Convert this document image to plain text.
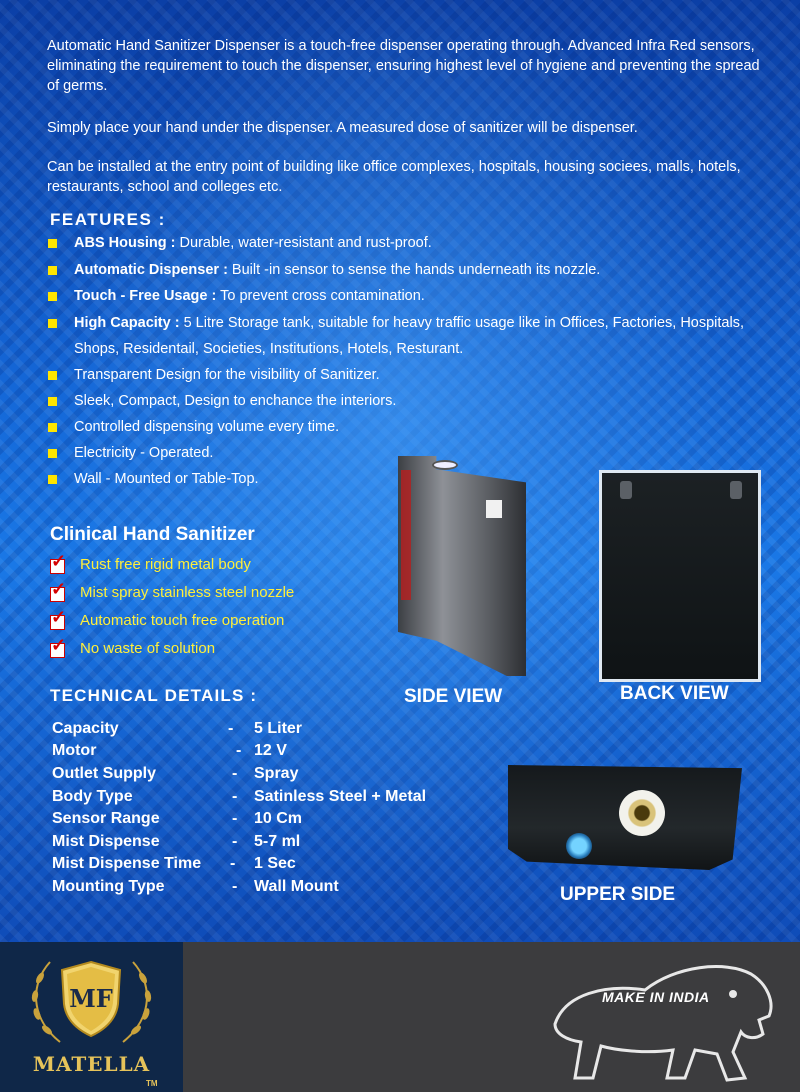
Automatic Hand Sanitizer Dispenser is a touch-free dispenser operating through. Advanced Infra Red sensors, eliminating the requirement to touch the dispenser, ensuring highest level of hygiene and preventing the spread of germs.

Simply place your hand under the dispenser. A measured dose of sanitizer will be dispenser.

Can be installed at the entry point of building like office complexes, hospitals, housing sociees, malls, hotels, restaurants, school and colleges etc.

FEATURES :
ABS Housing : Durable, water-resistant and rust-proof.
Automatic Dispenser : Built -in sensor to sense the hands underneath its nozzle.
Touch - Free Usage : To prevent cross contamination.
High Capacity : 5 Litre Storage tank, suitable for heavy traffic usage like in Offices, Factories, Hospitals, Shops, Residentail, Societies, Institutions, Hotels, Resturant.
Transparent Design for the visibility of Sanitizer.
Sleek, Compact, Design to enchance the interiors.
Controlled dispensing volume every time.
Electricity - Operated.
Wall - Mounted or Table-Top.
Clinical Hand Sanitizer
✓ Rust free rigid metal body
✓ Mist spray stainless steel nozzle
✓ Automatic touch free operation
✓ No waste of solution
TECHNICAL DETAILS :
Capacity	- 5 Liter
Motor	- 12 V
Outlet Supply	- Spray
Body Type	- Satinless Steel + Metal
Sensor Range	- 10 Cm
Mist Dispense	- 5-7 ml
Mist Dispense Time - 1 Sec
Mounting Type	- Wall Mount
SIDE VIEW	BACK VIEW
UPPER SIDE
MF
MATELLA
TM
MAKE IN INDIA
